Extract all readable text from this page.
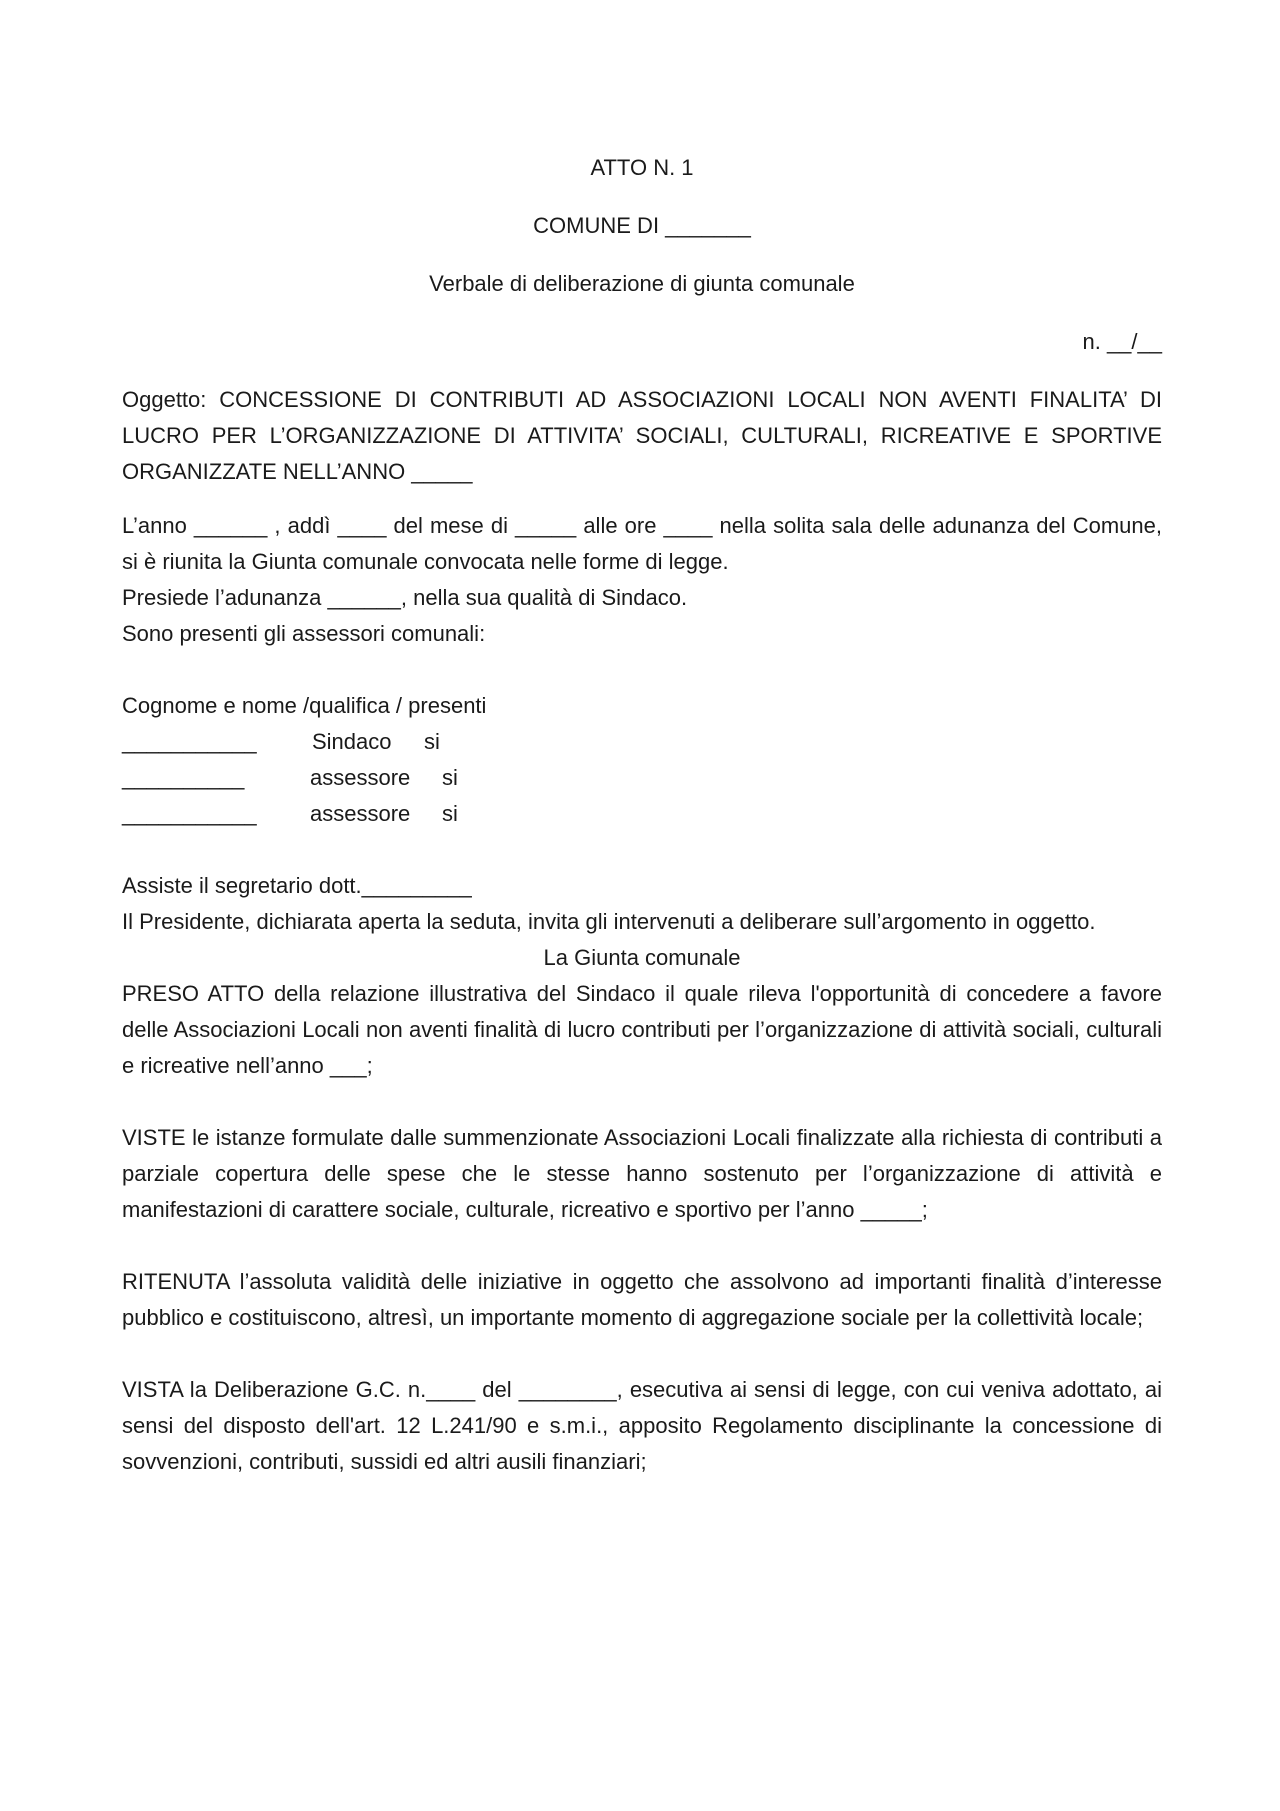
ATTO N. 1

COMUNE DI _______

Verbale di deliberazione di giunta comunale

n. __/__

Oggetto: CONCESSIONE DI CONTRIBUTI AD ASSOCIAZIONI LOCALI NON AVENTI FINALITA’ DI LUCRO PER L’ORGANIZZAZIONE DI ATTIVITA’ SOCIALI, CULTURALI, RICREATIVE E SPORTIVE ORGANIZZATE NELL’ANNO _____

L’anno ______ , addì ____ del mese di _____ alle ore ____ nella solita sala delle adunanza del Comune, si è riunita la Giunta comunale convocata nelle forme di legge.

Presiede l’adunanza ______, nella sua qualità di Sindaco.

Sono presenti gli assessori comunali:

Cognome e nome /qualifica / presenti

___________	Sindaco	si
__________	assessore	si
___________	assessore	si

Assiste il segretario dott._________

Il Presidente, dichiarata aperta la seduta, invita gli intervenuti a deliberare sull’argomento in oggetto.

La Giunta comunale

PRESO ATTO della relazione illustrativa del Sindaco il quale rileva l'opportunità di concedere a favore delle Associazioni Locali non aventi finalità di lucro contributi per l’organizzazione di attività sociali, culturali e ricreative nell’anno ___;

VISTE le istanze formulate dalle summenzionate Associazioni Locali finalizzate alla richiesta di contributi a parziale copertura delle spese che le stesse hanno sostenuto per l’organizzazione di attività e manifestazioni di carattere sociale, culturale, ricreativo e sportivo per l’anno _____;

RITENUTA l’assoluta validità delle iniziative in oggetto che assolvono ad importanti finalità d’interesse pubblico e costituiscono, altresì, un importante momento di aggregazione sociale per la collettività locale;

VISTA la Deliberazione G.C. n.____ del ________, esecutiva ai sensi di legge, con cui veniva adottato, ai sensi del disposto dell'art. 12 L.241/90 e s.m.i., apposito Regolamento disciplinante la concessione di sovvenzioni, contributi, sussidi ed altri ausili finanziari;
